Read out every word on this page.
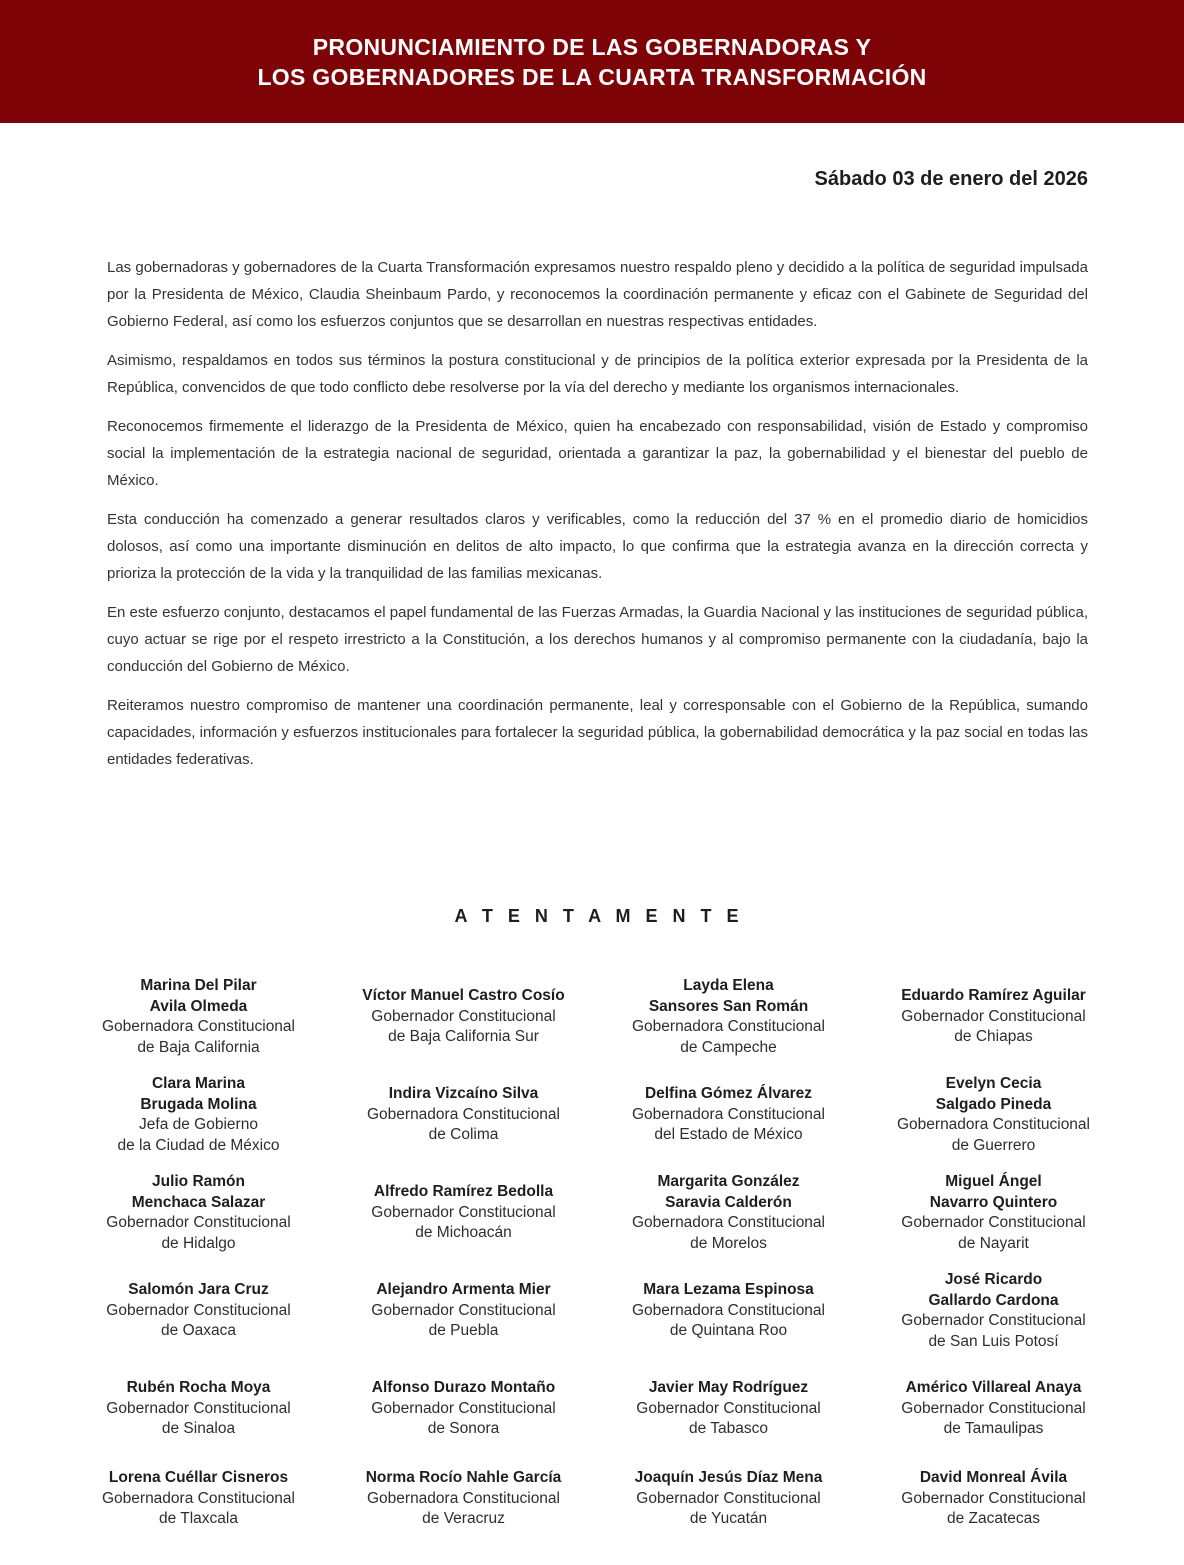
PRONUNCIAMIENTO DE LAS GOBERNADORAS Y
LOS GOBERNADORES DE LA CUARTA TRANSFORMACIÓN
Sábado 03 de enero del 2026

Las gobernadoras y gobernadores de la Cuarta Transformación expresamos nuestro respaldo pleno y decidido a la política de seguridad impulsada por la Presidenta de México, Claudia Sheinbaum Pardo, y reconocemos la coordinación permanente y eficaz con el Gabinete de Seguridad del Gobierno Federal, así como los esfuerzos conjuntos que se desarrollan en nuestras respectivas entidades.

Asimismo, respaldamos en todos sus términos la postura constitucional y de principios de la política exterior expresada por la Presidenta de la República, convencidos de que todo conflicto debe resolverse por la vía del derecho y mediante los organismos internacionales.

Reconocemos firmemente el liderazgo de la Presidenta de México, quien ha encabezado con responsabilidad, visión de Estado y compromiso social la implementación de la estrategia nacional de seguridad, orientada a garantizar la paz, la gobernabilidad y el bienestar del pueblo de México.

Esta conducción ha comenzado a generar resultados claros y verificables, como la reducción del 37 % en el promedio diario de homicidios dolosos, así como una importante disminución en delitos de alto impacto, lo que confirma que la estrategia avanza en la dirección correcta y prioriza la protección de la vida y la tranquilidad de las familias mexicanas.

En este esfuerzo conjunto, destacamos el papel fundamental de las Fuerzas Armadas, la Guardia Nacional y las instituciones de seguridad pública, cuyo actuar se rige por el respeto irrestricto a la Constitución, a los derechos humanos y al compromiso permanente con la ciudadanía, bajo la conducción del Gobierno de México.

Reiteramos nuestro compromiso de mantener una coordinación permanente, leal y corresponsable con el Gobierno de la República, sumando capacidades, información y esfuerzos institucionales para fortalecer la seguridad pública, la gobernabilidad democrática y la paz social en todas las entidades federativas.

A T E N T A M E N T E
Marina Del Pilar
Avila Olmeda
Gobernadora Constitucional
de Baja California
Víctor Manuel Castro Cosío
Gobernador Constitucional
de Baja California Sur
Layda Elena
Sansores San Román
Gobernadora Constitucional
de Campeche
Eduardo Ramírez Aguilar
Gobernador Constitucional
de Chiapas
Clara Marina
Brugada Molina
Jefa de Gobierno
de la Ciudad de México
Indira Vizcaíno Silva
Gobernadora Constitucional
de Colima
Delfina Gómez Álvarez
Gobernadora Constitucional
del Estado de México
Evelyn Cecia
Salgado Pineda
Gobernadora Constitucional
de Guerrero
Julio Ramón
Menchaca Salazar
Gobernador Constitucional
de Hidalgo
Alfredo Ramírez Bedolla
Gobernador Constitucional
de Michoacán
Margarita González
Saravia Calderón
Gobernadora Constitucional
de Morelos
Miguel Ángel
Navarro Quintero
Gobernador Constitucional
de Nayarit
Salomón Jara Cruz
Gobernador Constitucional
de Oaxaca
Alejandro Armenta Mier
Gobernador Constitucional
de Puebla
Mara Lezama Espinosa
Gobernadora Constitucional
de Quintana Roo
José Ricardo
Gallardo Cardona
Gobernador Constitucional
de San Luis Potosí
Rubén Rocha Moya
Gobernador Constitucional
de Sinaloa
Alfonso Durazo Montaño
Gobernador Constitucional
de Sonora
Javier May Rodríguez
Gobernador Constitucional
de Tabasco
Américo Villareal Anaya
Gobernador Constitucional
de Tamaulipas
Lorena Cuéllar Cisneros
Gobernadora Constitucional
de Tlaxcala
Norma Rocío Nahle García
Gobernadora Constitucional
de Veracruz
Joaquín Jesús Díaz Mena
Gobernador Constitucional
de Yucatán
David Monreal Ávila
Gobernador Constitucional
de Zacatecas
